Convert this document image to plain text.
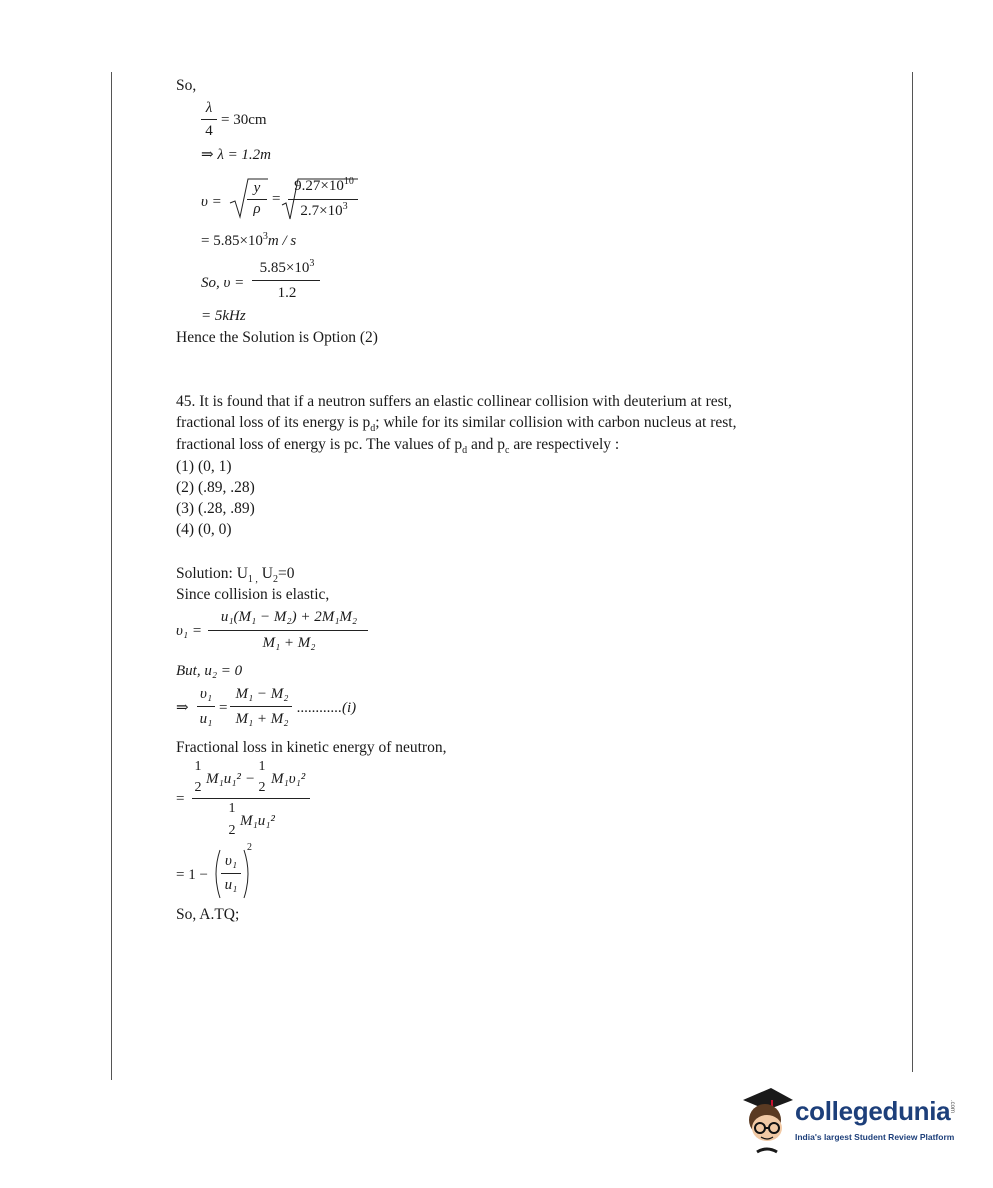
So,
λ
4
= 30cm
⇒ λ = 1.2m
υ =
y
ρ
=
$9.27\times 10^{10}$
$2.7\times 10^3$
= $5.85\times 10^3m / s$
So, υ =
$5.85\times 10^3$
1.2
= 5kHz
Hence the Solution is Option (2)
45. It is found that if a neutron suffers an elastic collinear collision with deuterium at rest,
fractional loss of its energy is $p_d$; while for its similar collision with carbon nucleus at rest,
fractional loss of energy is pc. The values of $p_d$ and $p_c$ are respectively :
(1) (0, 1)
(2) (.89, .28)
(3) (.28, .89)
(4) (0, 0)
Solution: $U_{1 ,}$ $U_2=0$
Since collision is elastic,
υ₁ =
u₁(M₁ − M₂) + 2M₁M₂
M₁ + M₂
But, u₂ = 0
⇒
υ₁
u₁
=
M₁ − M₂
M₁ + M₂
............(i)
Fractional loss in kinetic energy of neutron,
=
1
2
M₁u₁² −
1
2
M₁υ₁²
1
2
M₁u₁²
= 1 −
υ₁
u₁
2
So, A.TQ;
collegedunia
.com
India's largest Student Review Platform
